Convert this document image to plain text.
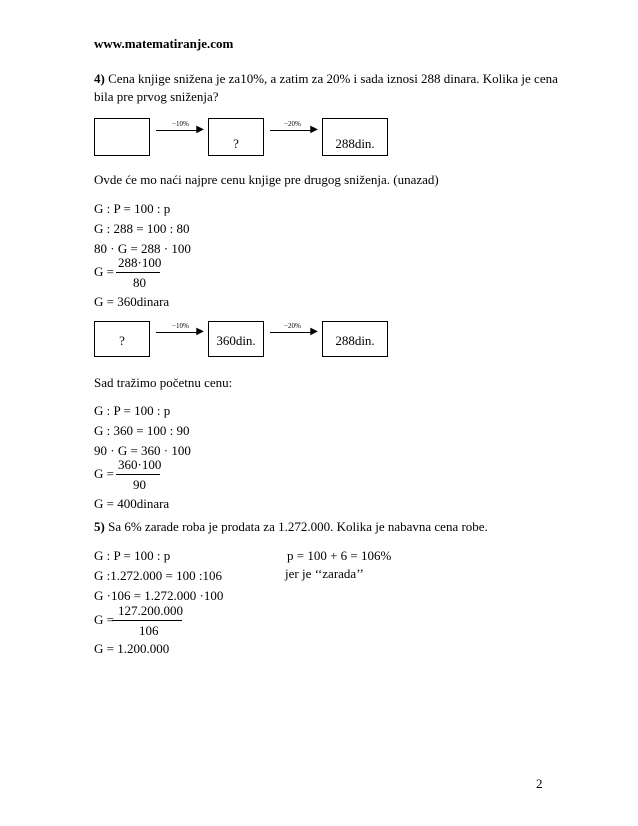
www.matematiranje.com
4) Cena knjige snižena je za10%, a zatim za 20% i sada iznosi 288 dinara. Kolika je cena
bila pre prvog sniženja?
−10% ▶
?
−20% ▶
288din.
Ovde će mo naći najpre cenu knjige pre drugog sniženja. (unazad)
G : P = 100 : p
G : 288 = 100 : 80
80 · G = 288 · 100
G =
288·100
80
G = 360dinara
?
−10% ▶
360din.
−20% ▶
288din.
Sad tražimo početnu cenu:
G : P = 100 : p
G : 360 = 100 : 90
90 · G = 360 · 100
G =
360·100
90
G = 400dinara
5) Sa 6% zarade roba je prodata za 1.272.000. Kolika je nabavna cena robe.
G : P = 100 : p	p = 100 + 6 = 106%
G :1.272.000 = 100 :106	jer je ‘‘zarada’’
G ·106 = 1.272.000 ·100
G =
127.200.000
106
G = 1.200.000
2
